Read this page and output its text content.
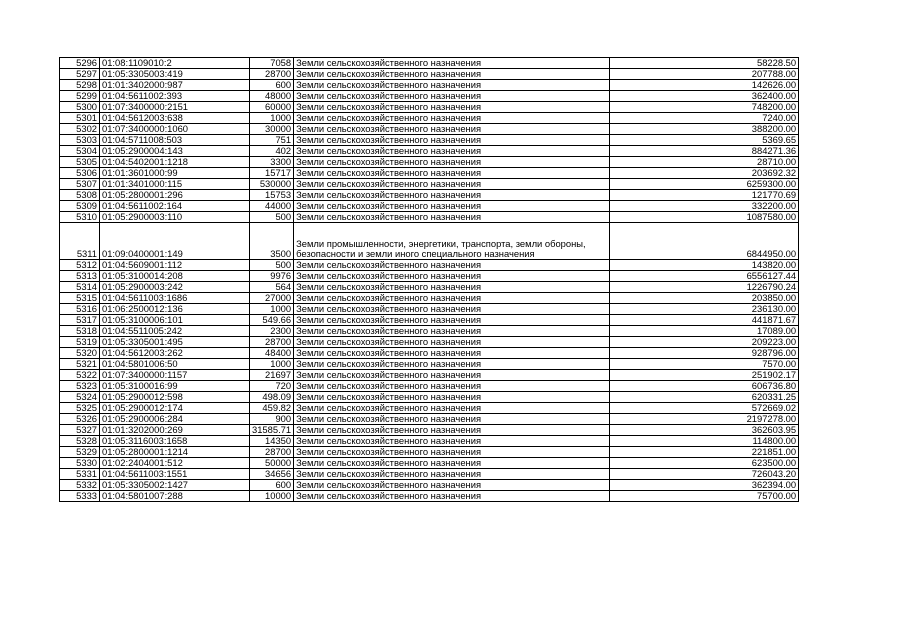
5296	01:08:1109010:2	7058	Земли сельскохозяйственного назначения	58228.50
5297	01:05:3305003:419	28700	Земли сельскохозяйственного назначения	207788.00
5298	01:01:3402000:987	600	Земли сельскохозяйственного назначения	142626.00
5299	01:04:5611002:393	48000	Земли сельскохозяйственного назначения	362400.00
5300	01:07:3400000:2151	60000	Земли сельскохозяйственного назначения	748200.00
5301	01:04:5612003:638	1000	Земли сельскохозяйственного назначения	7240.00
5302	01:07:3400000:1060	30000	Земли сельскохозяйственного назначения	388200.00
5303	01:04:5711008:503	751	Земли сельскохозяйственного назначения	5369.65
5304	01:05:2900004:143	402	Земли сельскохозяйственного назначения	884271.36
5305	01:04:5402001:1218	3300	Земли сельскохозяйственного назначения	28710.00
5306	01:01:3601000:99	15717	Земли сельскохозяйственного назначения	203692.32
5307	01:01:3401000:115	530000	Земли сельскохозяйственного назначения	6259300.00
5308	01:05:2800001:296	15753	Земли сельскохозяйственного назначения	121770.69
5309	01:04:5611002:164	44000	Земли сельскохозяйственного назначения	332200.00
5310	01:05:2900003:110	500	Земли сельскохозяйственного назначения	1087580.00
5311	01:09:0400001:149	3500	Земли промышленности, энергетики, транспорта, земли обороны, безопасности и земли иного специального назначения	6844950.00
5312	01:04:5609001:112	500	Земли сельскохозяйственного назначения	143820.00
5313	01:05:3100014:208	9976	Земли сельскохозяйственного назначения	6556127.44
5314	01:05:2900003:242	564	Земли сельскохозяйственного назначения	1226790.24
5315	01:04:5611003:1686	27000	Земли сельскохозяйственного назначения	203850.00
5316	01:06:2500012:136	1000	Земли сельскохозяйственного назначения	236130.00
5317	01:05:3100006:101	549.66	Земли сельскохозяйственного назначения	441871.67
5318	01:04:5511005:242	2300	Земли сельскохозяйственного назначения	17089.00
5319	01:05:3305001:495	28700	Земли сельскохозяйственного назначения	209223.00
5320	01:04:5612003:262	48400	Земли сельскохозяйственного назначения	928796.00
5321	01:04:5801006:50	1000	Земли сельскохозяйственного назначения	7570.00
5322	01:07:3400000:1157	21697	Земли сельскохозяйственного назначения	251902.17
5323	01:05:3100016:99	720	Земли сельскохозяйственного назначения	606736.80
5324	01:05:2900012:598	498.09	Земли сельскохозяйственного назначения	620331.25
5325	01:05:2900012:174	459.82	Земли сельскохозяйственного назначения	572669.02
5326	01:05:2900006:284	900	Земли сельскохозяйственного назначения	2197278.00
5327	01:01:3202000:269	31585.71	Земли сельскохозяйственного назначения	362603.95
5328	01:05:3116003:1658	14350	Земли сельскохозяйственного назначения	114800.00
5329	01:05:2800001:1214	28700	Земли сельскохозяйственного назначения	221851.00
5330	01:02:2404001:512	50000	Земли сельскохозяйственного назначения	623500.00
5331	01:04:5611003:1551	34656	Земли сельскохозяйственного назначения	726043.20
5332	01:05:3305002:1427	600	Земли сельскохозяйственного назначения	362394.00
5333	01:04:5801007:288	10000	Земли сельскохозяйственного назначения	75700.00
